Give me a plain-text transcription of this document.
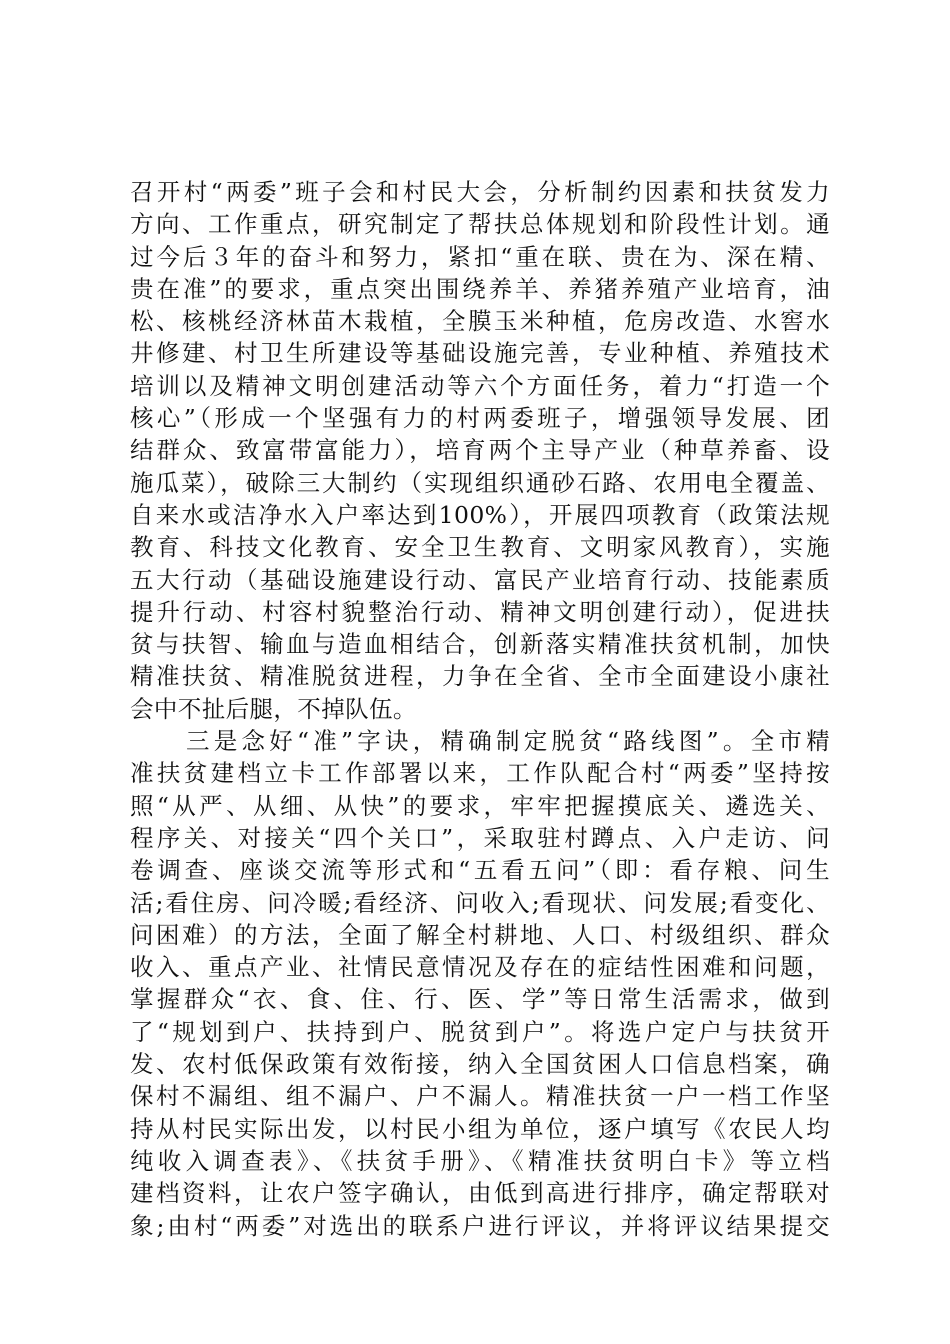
召开村“两委”班子会和村民大会，分析制约因素和扶贫发力
方向、工作重点，研究制定了帮扶总体规划和阶段性计划。通
过今后３年的奋斗和努力，紧扣“重在联、贵在为、深在精、
贵在准”的要求，重点突出围绕养羊、养猪养殖产业培育，油
松、核桃经济林苗木栽植，全膜玉米种植，危房改造、水窖水
井修建、村卫生所建设等基础设施完善，专业种植、养殖技术
培训以及精神文明创建活动等六个方面任务，着力“打造一个
核心”（形成一个坚强有力的村两委班子，增强领导发展、团
结群众、致富带富能力），培育两个主导产业（种草养畜、设
施瓜菜），破除三大制约（实现组织通砂石路、农用电全覆盖、
自来水或洁净水入户率达到100%），开展四项教育（政策法规
教育、科技文化教育、安全卫生教育、文明家风教育），实施
五大行动（基础设施建设行动、富民产业培育行动、技能素质
提升行动、村容村貌整治行动、精神文明创建行动），促进扶
贫与扶智、输血与造血相结合，创新落实精准扶贫机制，加快
精准扶贫、精准脱贫进程，力争在全省、全市全面建设小康社
会中不扯后腿，不掉队伍。
三是念好“准”字诀，精确制定脱贫“路线图”。全市精
准扶贫建档立卡工作部署以来，工作队配合村“两委”坚持按
照“从严、从细、从快”的要求，牢牢把握摸底关、遴选关、
程序关、对接关“四个关口”，采取驻村蹲点、入户走访、问
卷调查、座谈交流等形式和“五看五问”（即：看存粮、问生
活;看住房、问冷暖;看经济、问收入;看现状、问发展;看变化、
问困难）的方法，全面了解全村耕地、人口、村级组织、群众
收入、重点产业、社情民意情况及存在的症结性困难和问题，
掌握群众“衣、食、住、行、医、学”等日常生活需求，做到
了“规划到户、扶持到户、脱贫到户”。将选户定户与扶贫开
发、农村低保政策有效衔接，纳入全国贫困人口信息档案，确
保村不漏组、组不漏户、户不漏人。精准扶贫一户一档工作坚
持从村民实际出发，以村民小组为单位，逐户填写《农民人均
纯收入调查表》、《扶贫手册》、《精准扶贫明白卡》等立档
建档资料，让农户签字确认，由低到高进行排序，确定帮联对
象;由村“两委”对选出的联系户进行评议，并将评议结果提交
